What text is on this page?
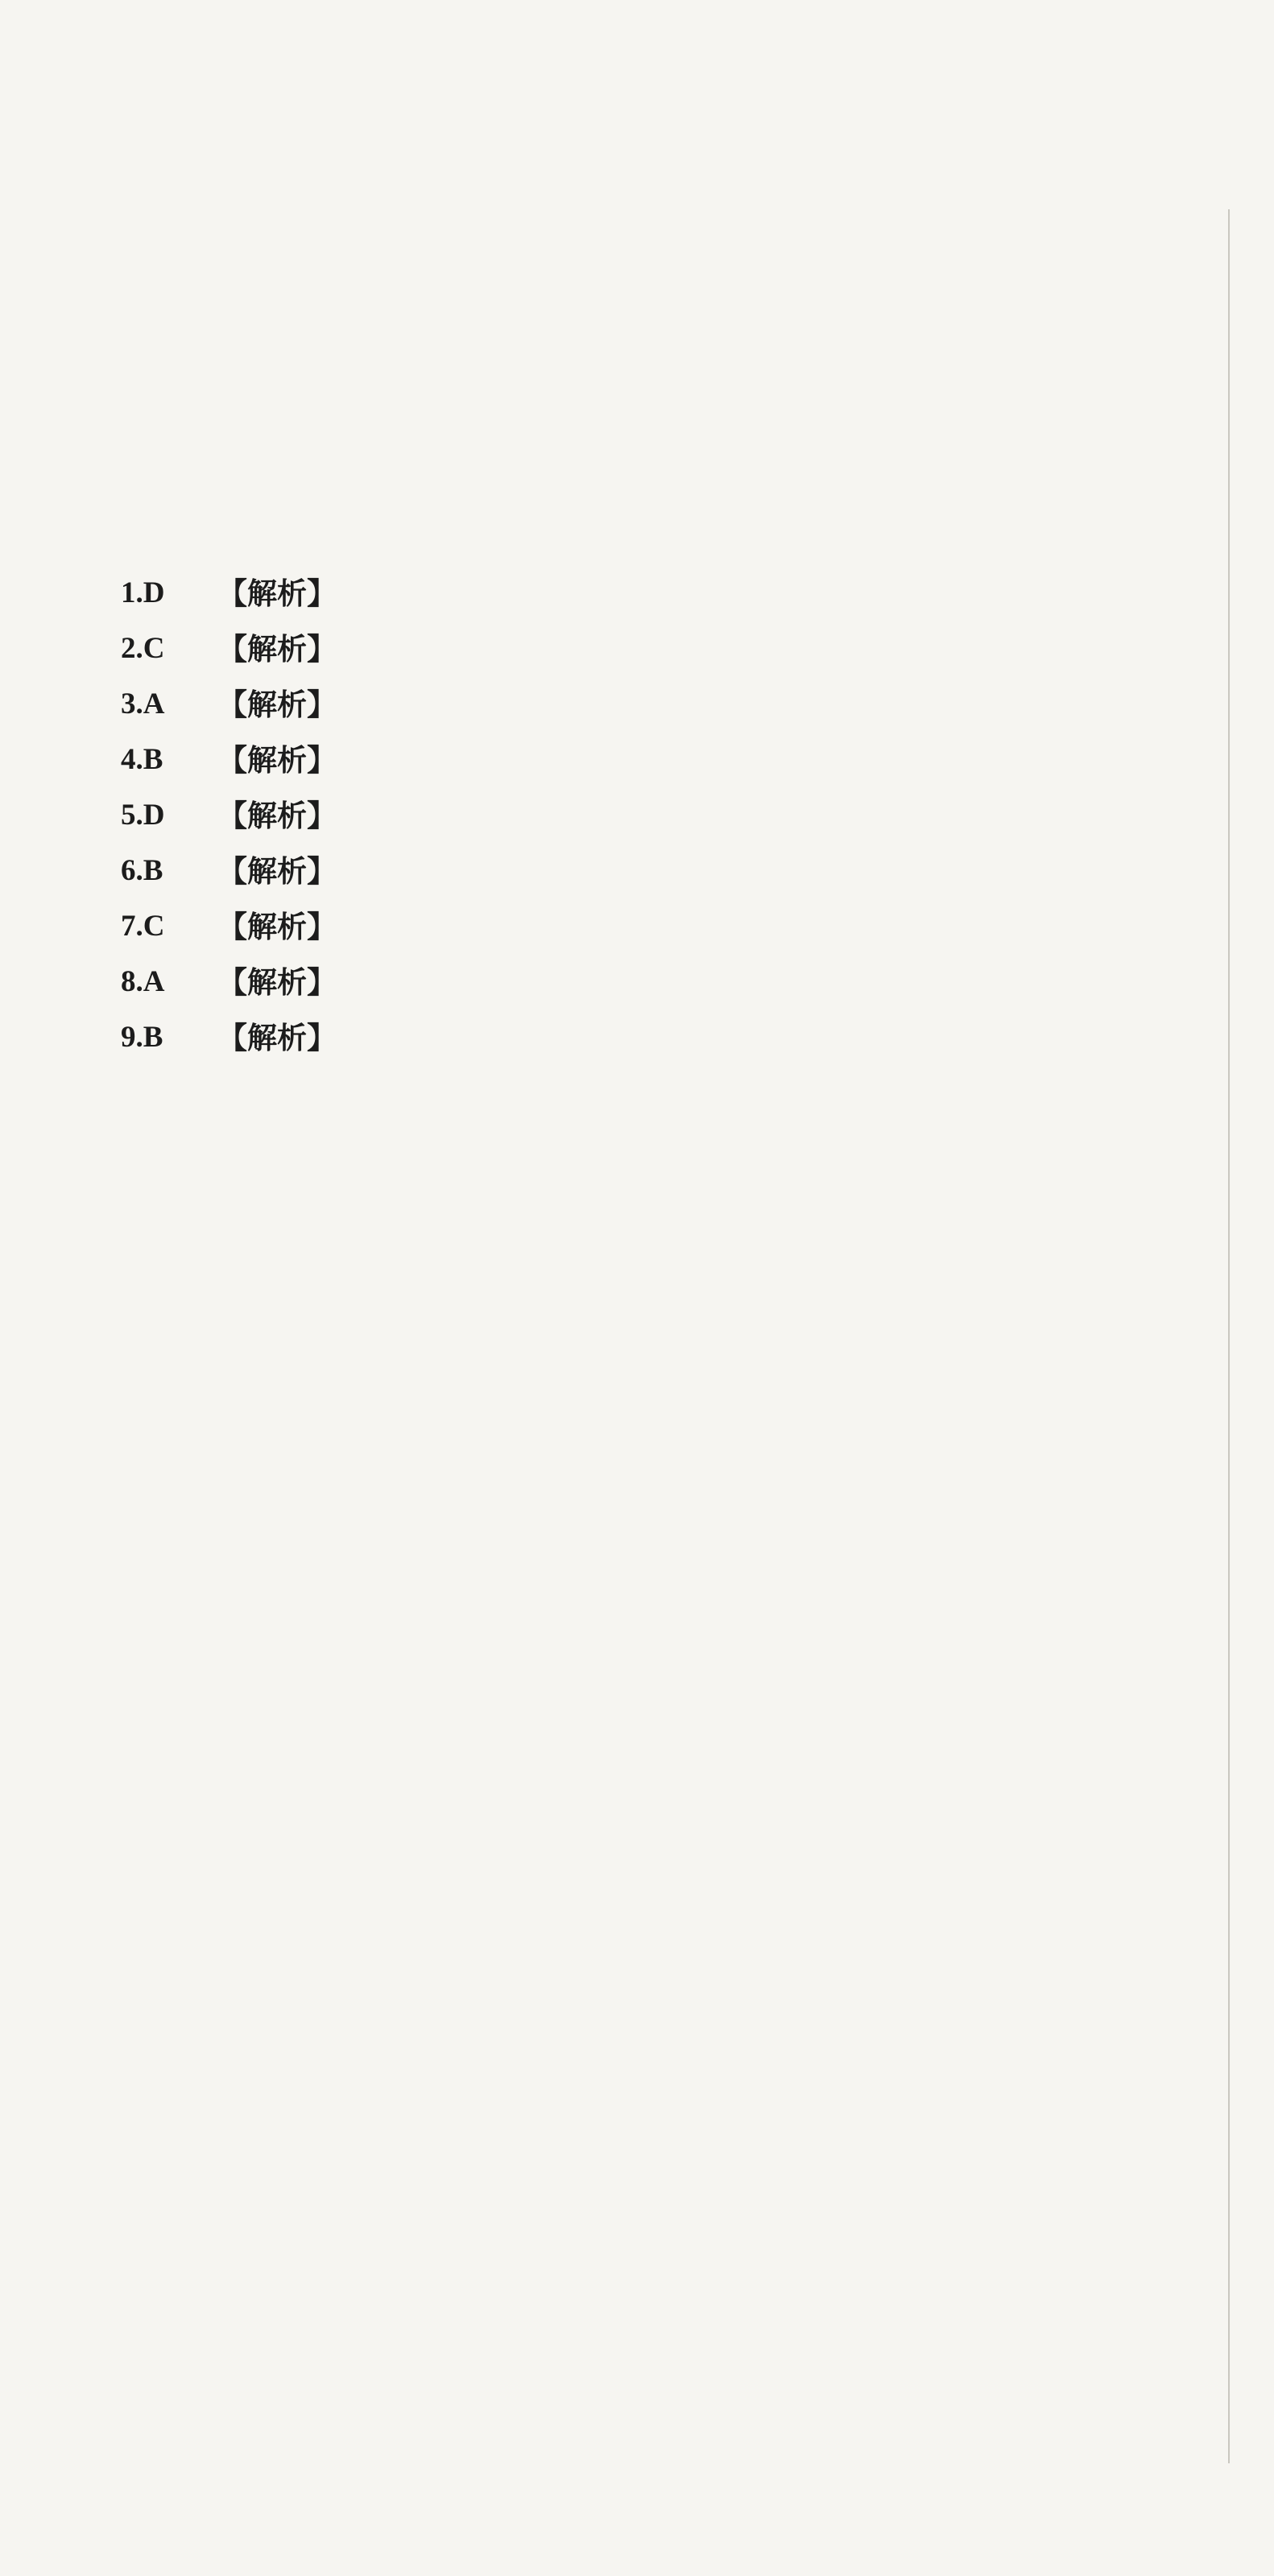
1.D	【解析】
2.C	【解析】
3.A	【解析】
4.B	【解析】
5.D	【解析】
6.B	【解析】
7.C	【解析】
8.A	【解析】
9.B	【解析】
